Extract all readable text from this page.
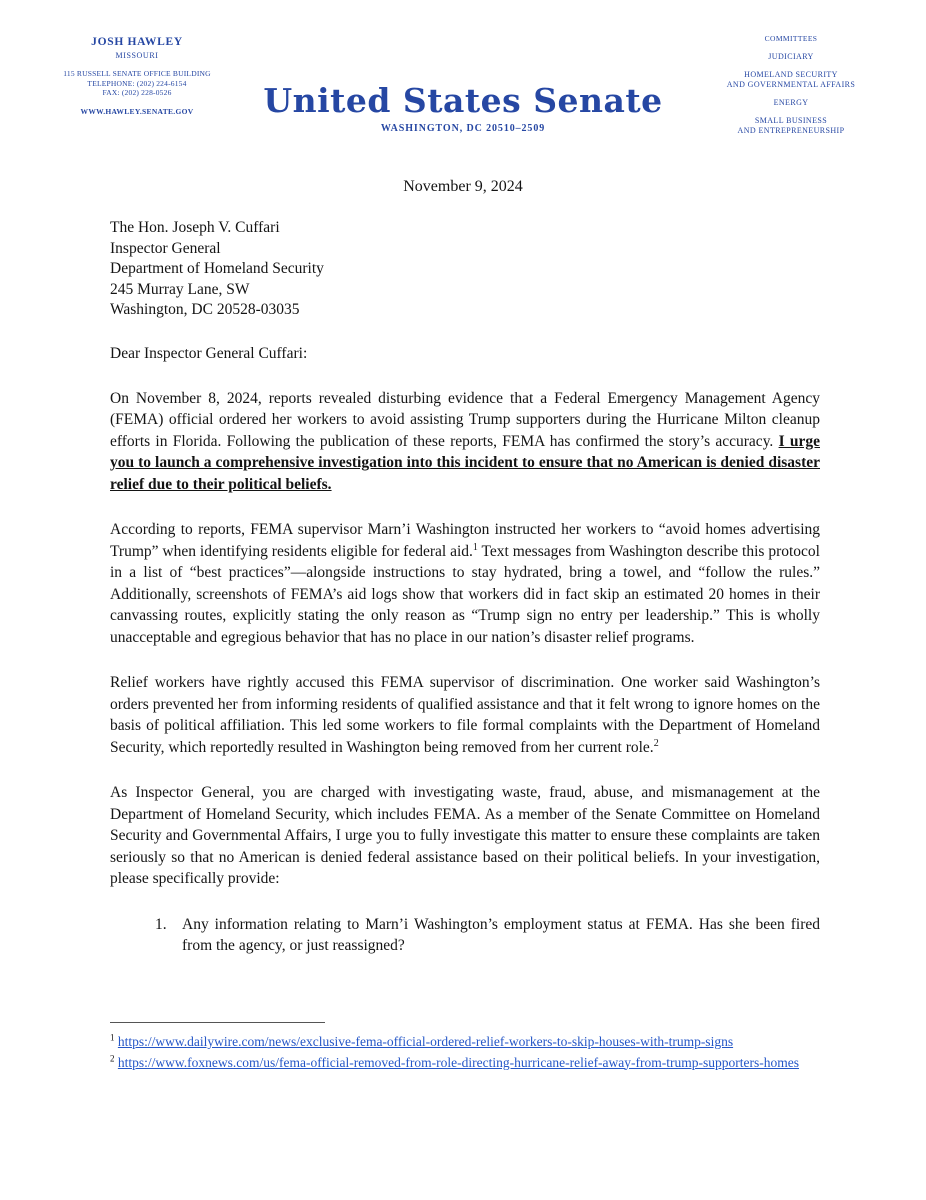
JOSH HAWLEY
MISSOURI
115 RUSSELL SENATE OFFICE BUILDING
TELEPHONE: (202) 224-6154
FAX: (202) 228-0526
WWW.HAWLEY.SENATE.GOV	United States Senate
WASHINGTON, DC 20510–2509
COMMITTEES
JUDICIARY
HOMELAND SECURITY
AND GOVERNMENTAL AFFAIRS
ENERGY
SMALL BUSINESS
AND ENTREPRENEURSHIP
November 9, 2024
The Hon. Joseph V. Cuffari
Inspector General
Department of Homeland Security
245 Murray Lane, SW
Washington, DC 20528-03035
Dear Inspector General Cuffari:

On November 8, 2024, reports revealed disturbing evidence that a Federal Emergency Management Agency (FEMA) official ordered her workers to avoid assisting Trump supporters during the Hurricane Milton cleanup efforts in Florida. Following the publication of these reports, FEMA has confirmed the story’s accuracy. I urge you to launch a comprehensive investigation into this incident to ensure that no American is denied disaster relief due to their political beliefs.

According to reports, FEMA supervisor Marn’i Washington instructed her workers to “avoid homes advertising Trump” when identifying residents eligible for federal aid.$^1$ Text messages from Washington describe this protocol in a list of “best practices”—alongside instructions to stay hydrated, bring a towel, and “follow the rules.” Additionally, screenshots of FEMA’s aid logs show that workers did in fact skip an estimated 20 homes in their canvassing routes, explicitly stating the only reason as “Trump sign no entry per leadership.” This is wholly unacceptable and egregious behavior that has no place in our nation’s disaster relief programs.

Relief workers have rightly accused this FEMA supervisor of discrimination. One worker said Washington’s orders prevented her from informing residents of qualified assistance and that it felt wrong to ignore homes on the basis of political affiliation. This led some workers to file formal complaints with the Department of Homeland Security, which reportedly resulted in Washington being removed from her current role.$^2$

As Inspector General, you are charged with investigating waste, fraud, abuse, and mismanagement at the Department of Homeland Security, which includes FEMA. As a member of the Senate Committee on Homeland Security and Governmental Affairs, I urge you to fully investigate this matter to ensure these complaints are taken seriously so that no American is denied federal assistance based on their political beliefs. In your investigation, please specifically provide:

1. Any information relating to Marn’i Washington’s employment status at FEMA. Has she been fired from the agency, or just reassigned?
$^1$ https://www.dailywire.com/news/exclusive-fema-official-ordered-relief-workers-to-skip-houses-with-trump-signs
$^2$ https://www.foxnews.com/us/fema-official-removed-from-role-directing-hurricane-relief-away-from-trump-supporters-homes
